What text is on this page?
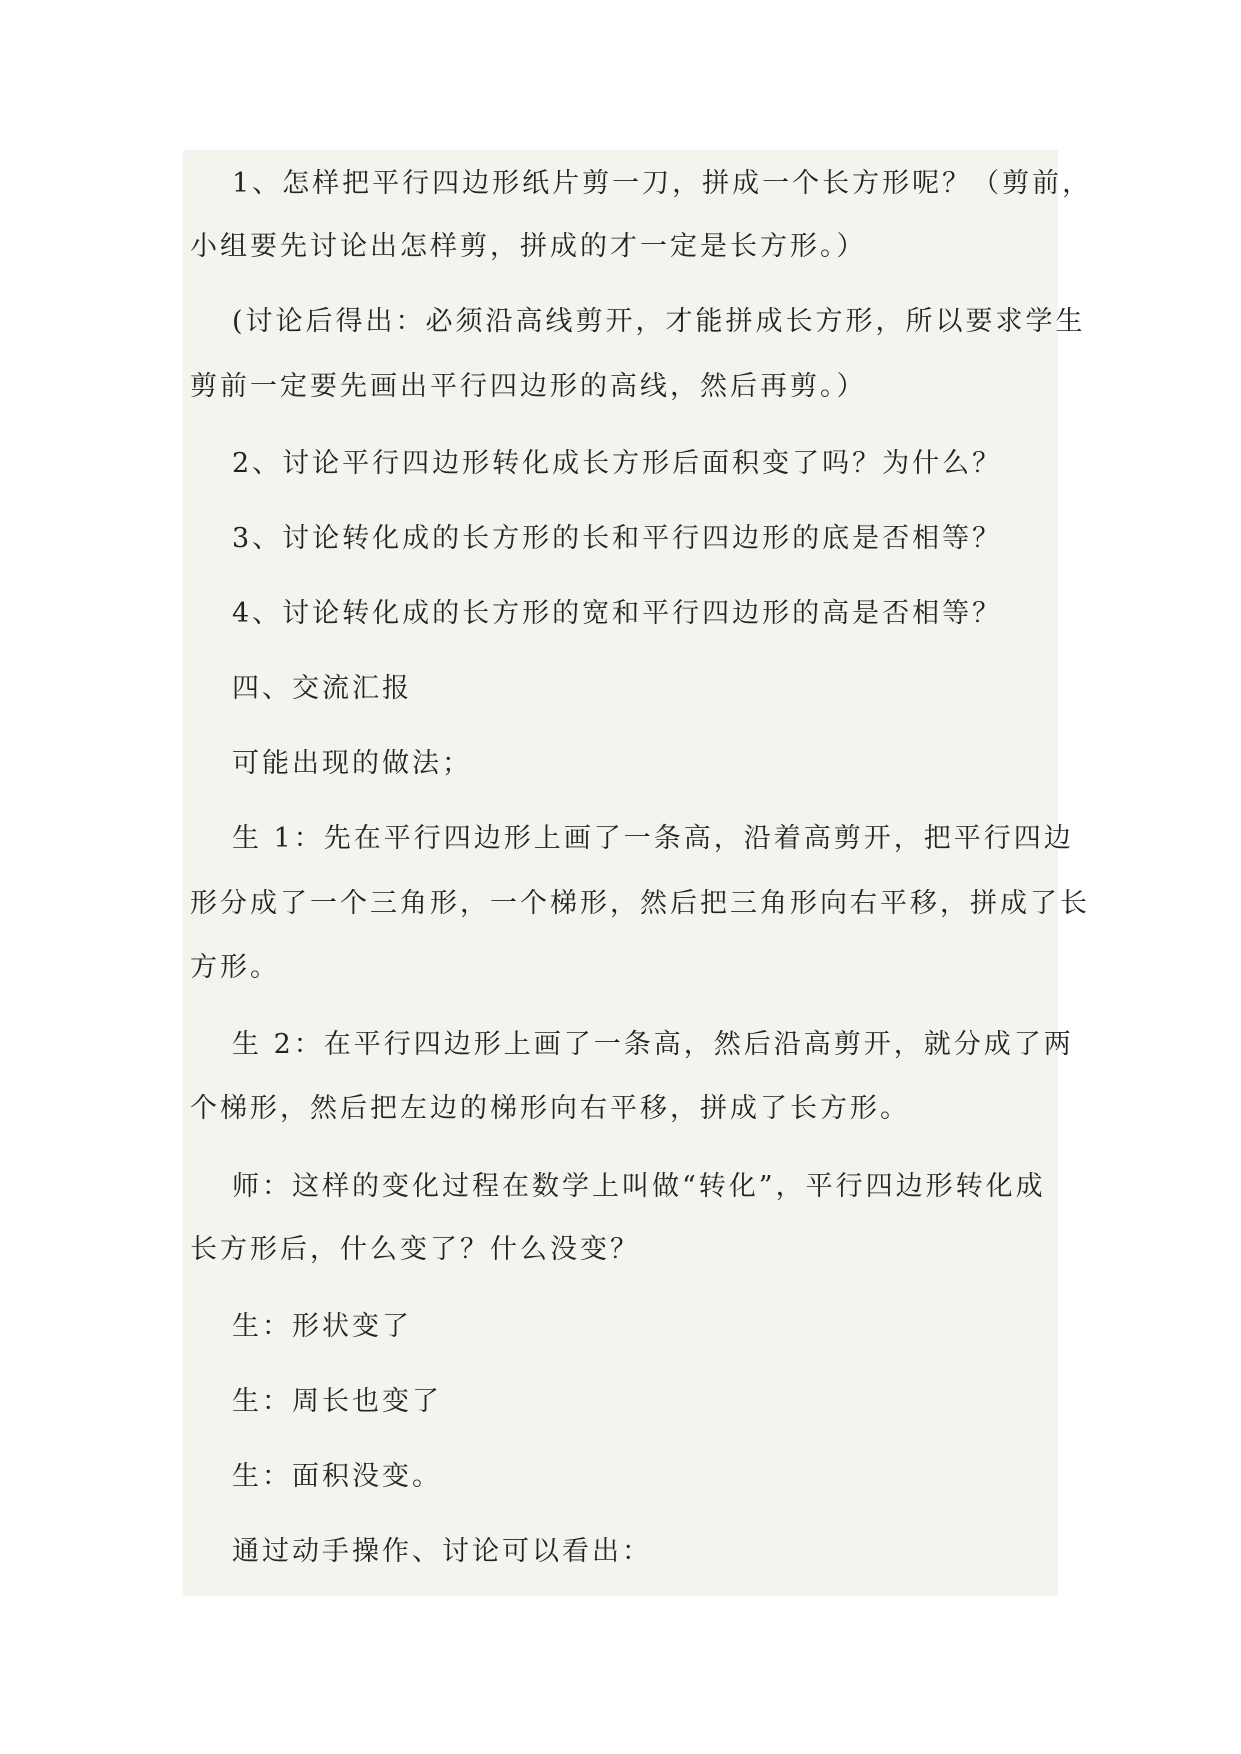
1、怎样把平行四边形纸片剪一刀，拼成一个长方形呢？（剪前，
小组要先讨论出怎样剪，拼成的才一定是长方形。）
(讨论后得出：必须沿高线剪开，才能拼成长方形，所以要求学生
剪前一定要先画出平行四边形的高线，然后再剪。）
2、讨论平行四边形转化成长方形后面积变了吗？为什么？
3、讨论转化成的长方形的长和平行四边形的底是否相等？
4、讨论转化成的长方形的宽和平行四边形的高是否相等？
四、交流汇报
可能出现的做法；
生 1：先在平行四边形上画了一条高，沿着高剪开，把平行四边
形分成了一个三角形，一个梯形，然后把三角形向右平移，拼成了长
方形。
生 2：在平行四边形上画了一条高，然后沿高剪开，就分成了两
个梯形，然后把左边的梯形向右平移，拼成了长方形。
师：这样的变化过程在数学上叫做“转化”，平行四边形转化成
长方形后，什么变了？什么没变？
生：形状变了
生：周长也变了
生：面积没变。
通过动手操作、讨论可以看出：
